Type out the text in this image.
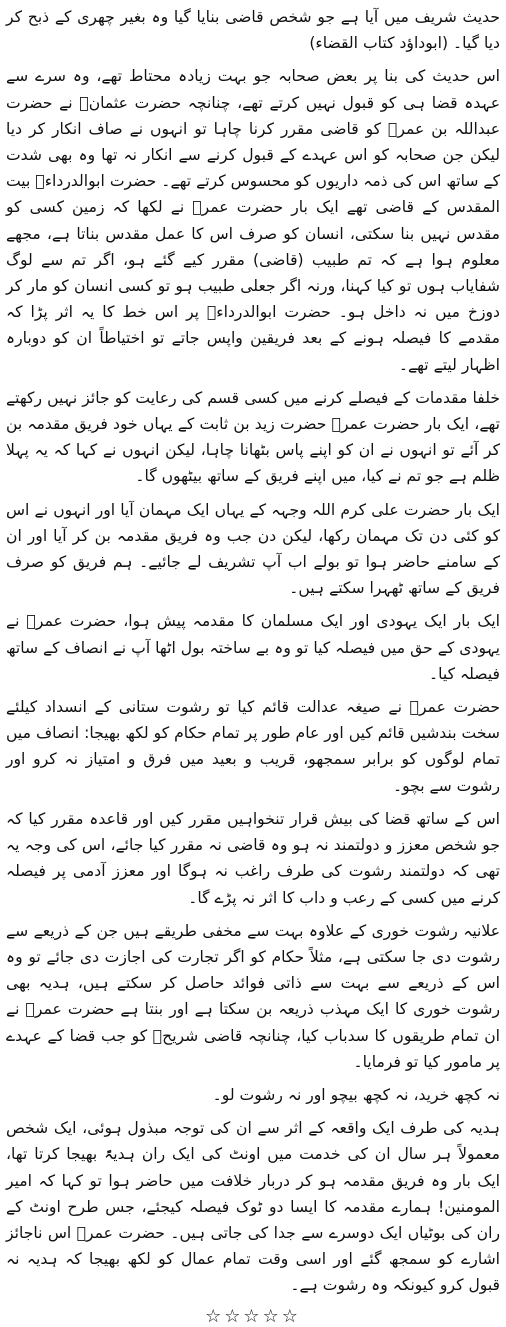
حدیث شریف میں آیا ہے جو شخص قاضی بنایا گیا وہ بغیر چھری کے ذبح کر دیا گیا۔ (ابوداؤد کتاب القضاء)

اس حدیث کی بنا پر بعض صحابہ جو بہت زیادہ محتاط تھے، وہ سرے سے عہدہ قضا ہی کو قبول نہیں کرتے تھے، چنانچہ حضرت عثمانؓ نے حضرت عبداللہ بن عمرؓ کو قاضی مقرر کرنا چاہا تو انہوں نے صاف انکار کر دیا لیکن جن صحابہ کو اس عہدے کے قبول کرنے سے انکار نہ تھا وہ بھی شدت کے ساتھ اس کی ذمہ داریوں کو محسوس کرتے تھے۔ حضرت ابوالدرداءؓ بیت المقدس کے قاضی تھے ایک بار حضرت عمرؓ نے لکھا کہ زمین کسی کو مقدس نہیں بنا سکتی، انسان کو صرف اس کا عمل مقدس بناتا ہے، مجھے معلوم ہوا ہے کہ تم طبیب (قاضی) مقرر کیے گئے ہو، اگر تم سے لوگ شفایاب ہوں تو کیا کہنا، ورنہ اگر جعلی طبیب ہو تو کسی انسان کو مار کر دوزخ میں نہ داخل ہو۔ حضرت ابوالدرداءؓ پر اس خط کا یہ اثر پڑا کہ مقدمے کا فیصلہ ہونے کے بعد فریقین واپس جاتے تو اختیاطاً ان کو دوبارہ اظہار لیتے تھے۔

خلفا مقدمات کے فیصلے کرنے میں کسی قسم کی رعایت کو جائز نہیں رکھتے تھے، ایک بار حضرت عمرؓ حضرت زید بن ثابت کے یہاں خود فریق مقدمہ بن کر آئے تو انہوں نے ان کو اپنے پاس بٹھانا چاہا، لیکن انہوں نے کہا کہ یہ پہلا ظلم ہے جو تم نے کیا، میں اپنے فریق کے ساتھ بیٹھوں گا۔

ایک بار حضرت علی کرم اللہ وجہہ کے یہاں ایک مہمان آیا اور انہوں نے اس کو کئی دن تک مہمان رکھا، لیکن دن جب وہ فریق مقدمہ بن کر آیا اور ان کے سامنے حاضر ہوا تو بولے اب آپ تشریف لے جائیے۔ ہم فریق کو صرف فریق کے ساتھ ٹھہرا سکتے ہیں۔

ایک بار ایک یہودی اور ایک مسلمان کا مقدمہ پیش ہوا، حضرت عمرؓ نے یہودی کے حق میں فیصلہ کیا تو وہ بے ساختہ بول اٹھا آپ نے انصاف کے ساتھ فیصلہ کیا۔

حضرت عمرؓ نے صیغہ عدالت قائم کیا تو رشوت ستانی کے انسداد کیلئے سخت بندشیں قائم کیں اور عام طور پر تمام حکام کو لکھ بھیجا: انصاف میں تمام لوگوں کو برابر سمجھو، قریب و بعید میں فرق و امتیاز نہ کرو اور رشوت سے بچو۔

اس کے ساتھ قضا کی بیش قرار تنخواہیں مقرر کیں اور قاعدہ مقرر کیا کہ جو شخص معزز و دولتمند نہ ہو وہ قاضی نہ مقرر کیا جائے، اس کی وجہ یہ تھی کہ دولتمند رشوت کی طرف راغب نہ ہوگا اور معزز آدمی پر فیصلہ کرنے میں کسی کے رعب و داب کا اثر نہ پڑے گا۔

علانیہ رشوت خوری کے علاوہ بہت سے مخفی طریقے ہیں جن کے ذریعے سے رشوت دی جا سکتی ہے، مثلاً حکام کو اگر تجارت کی اجازت دی جائے تو وہ اس کے ذریعے سے بہت سے ذاتی فوائد حاصل کر سکتے ہیں، ہدیہ بھی رشوت خوری کا ایک مہذب ذریعہ بن سکتا ہے اور بنتا ہے حضرت عمرؓ نے ان تمام طریقوں کا سدباب کیا، چنانچہ قاضی شریحؓ کو جب قضا کے عہدے پر مامور کیا تو فرمایا۔

نہ کچھ خرید، نہ کچھ بیچو اور نہ رشوت لو۔

ہدیہ کی طرف ایک واقعہ کے اثر سے ان کی توجہ مبذول ہوئی، ایک شخص معمولاً ہر سال ان کی خدمت میں اونٹ کی ایک ران ہدیۃً بھیجا کرتا تھا، ایک بار وہ فریق مقدمہ ہو کر دربار خلافت میں حاضر ہوا تو کہا کہ امیر المومنین! ہمارے مقدمہ کا ایسا دو ٹوک فیصلہ کیجئے، جس طرح اونٹ کے ران کی بوٹیاں ایک دوسرے سے جدا کی جاتی ہیں۔ حضرت عمرؓ اس ناجائز اشارے کو سمجھ گئے اور اسی وقت تمام عمال کو لکھ بھیجا کہ ہدیہ نہ قبول کرو کیونکہ وہ رشوت ہے۔

☆☆☆☆☆
